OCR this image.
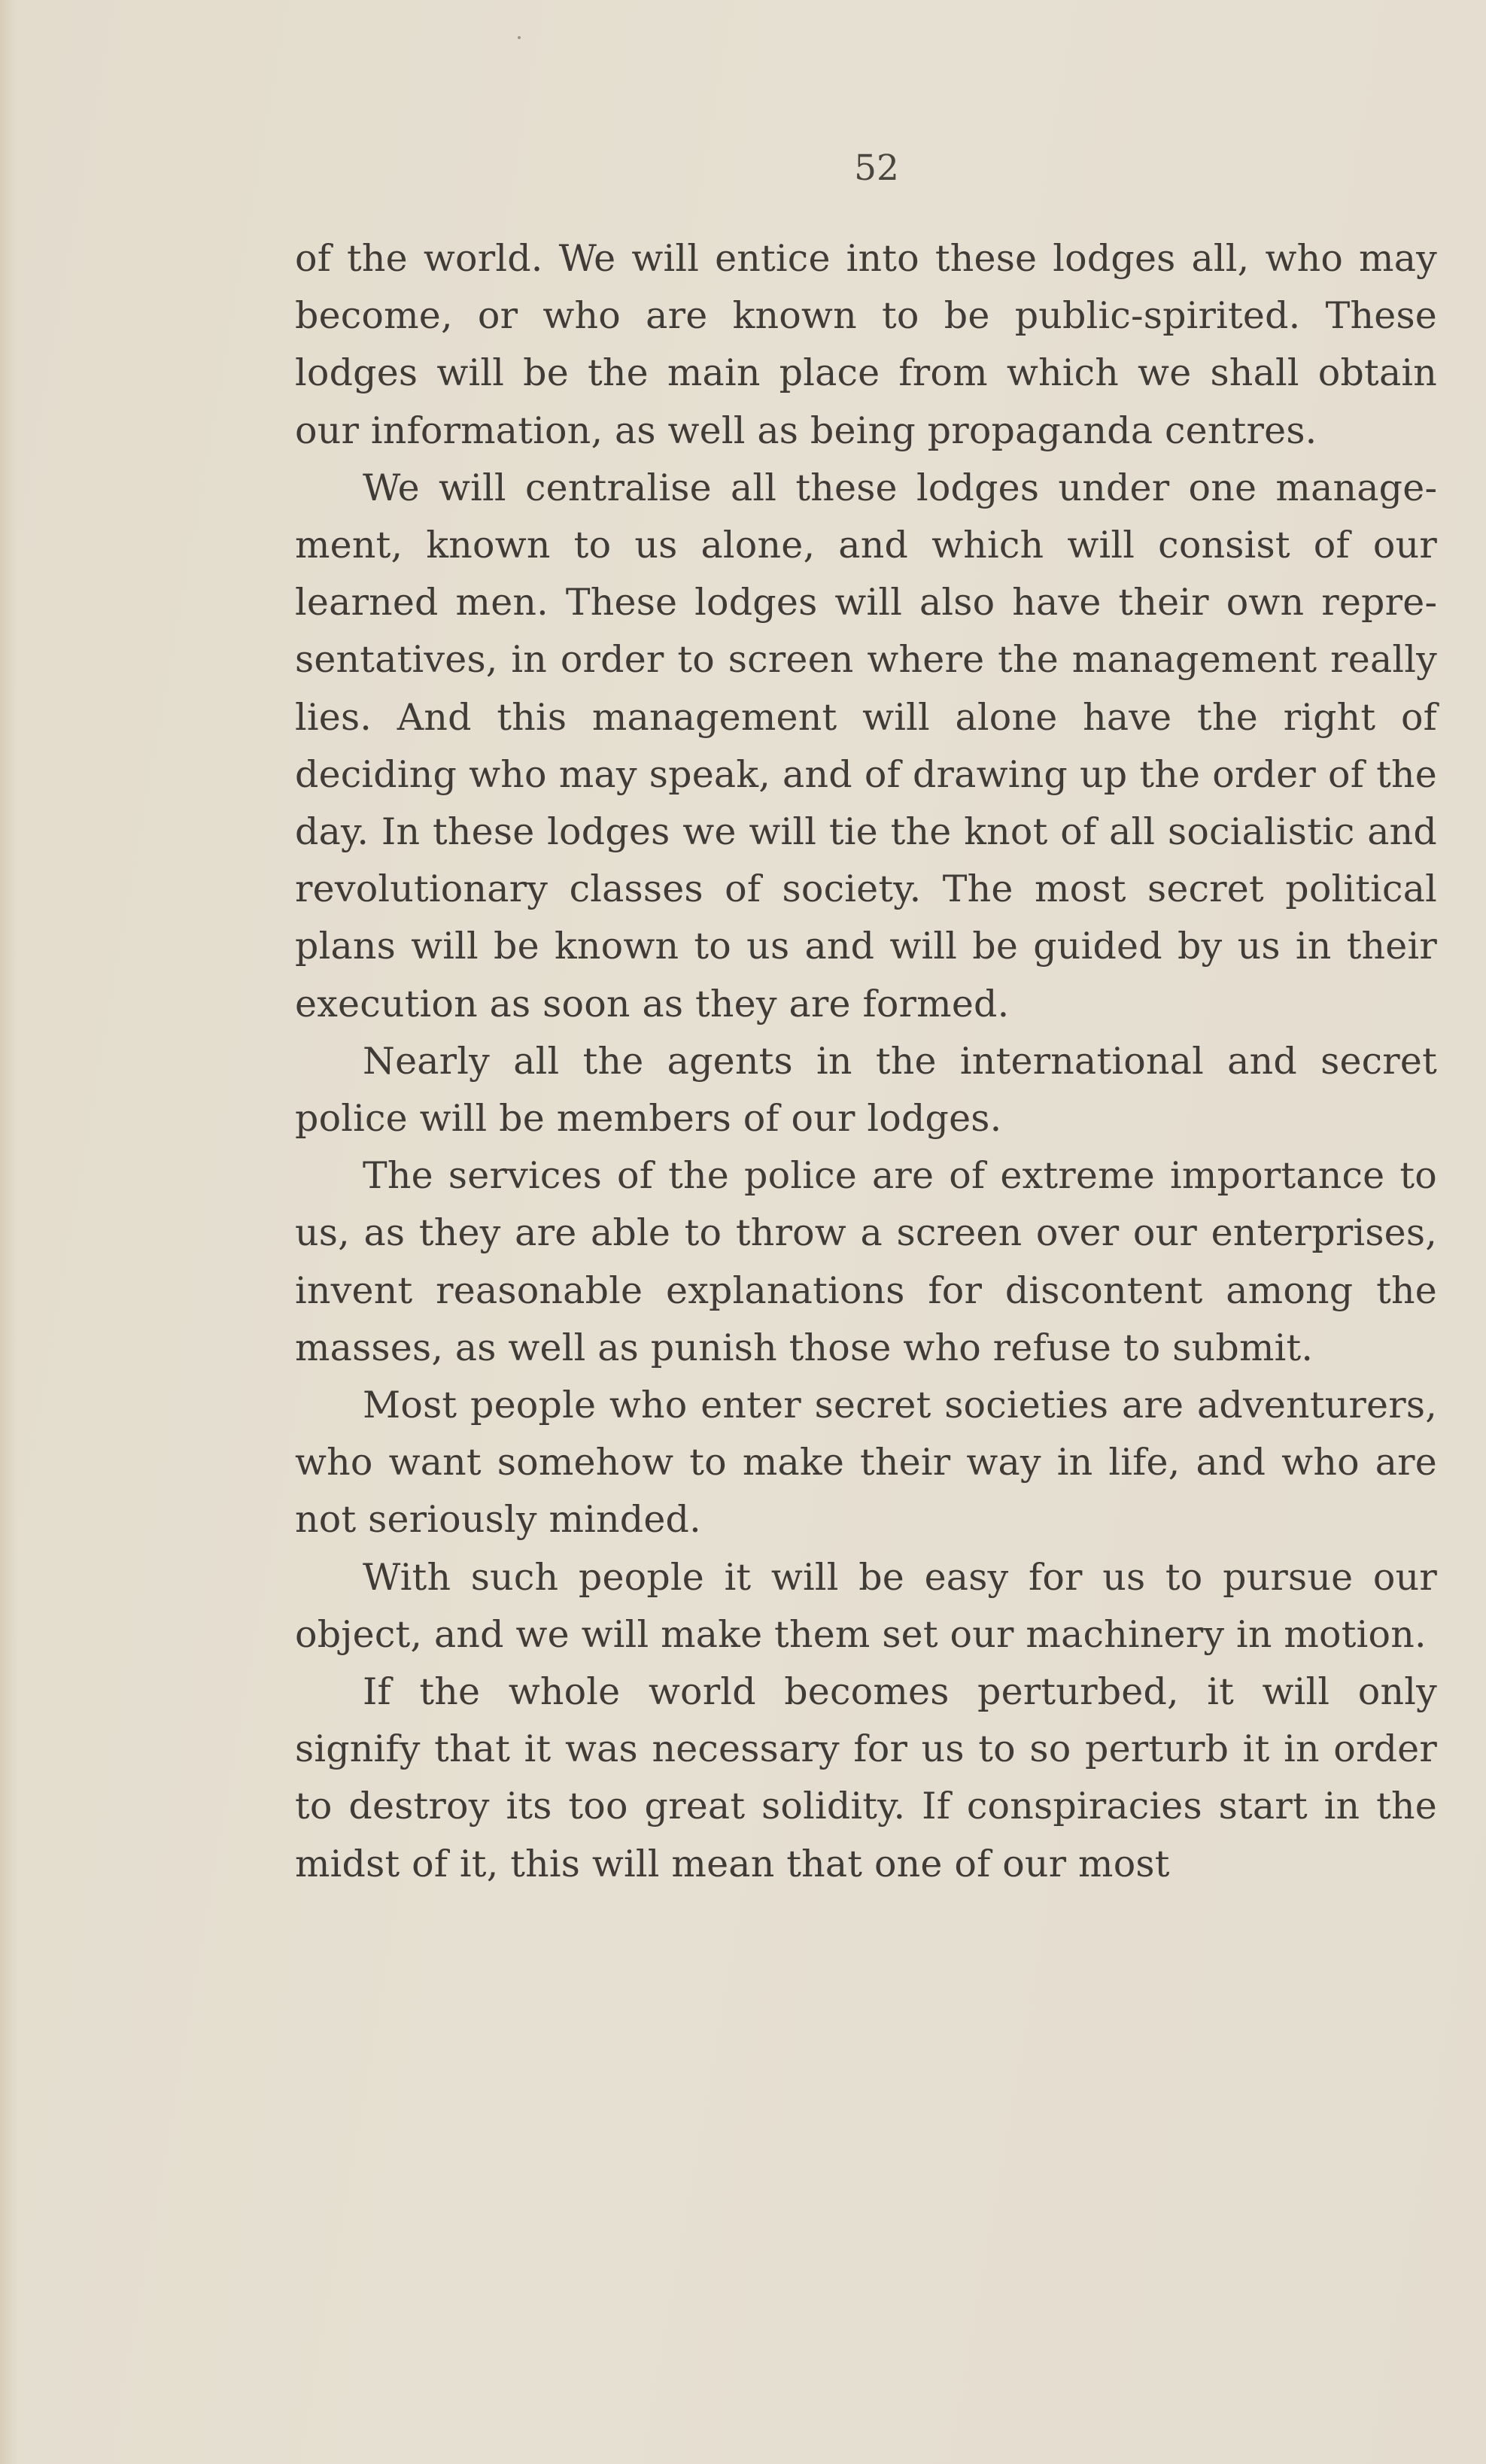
52

of the world. We will entice into these lodges all, who may become, or who are known to be public-spirited. These lodges will be the main place from which we shall obtain our information, as well as being propaganda centres.

We will centralise all these lodges under one management, known to us alone, and which will consist of our learned men. These lodges will also have their own representatives, in order to screen where the management really lies. And this management will alone have the right of deciding who may speak, and of drawing up the order of the day. In these lodges we will tie the knot of all socialistic and revolutionary classes of society. The most secret political plans will be known to us and will be guided by us in their execution as soon as they are formed.

Nearly all the agents in the international and secret police will be members of our lodges.

The services of the police are of extreme importance to us, as they are able to throw a screen over our enterprises, invent reasonable explanations for discontent among the masses, as well as punish those who refuse to submit.

Most people who enter secret societies are adventurers, who want somehow to make their way in life, and who are not seriously minded.

With such people it will be easy for us to pursue our object, and we will make them set our machinery in motion.

If the whole world becomes perturbed, it will only signify that it was necessary for us to so perturb it in order to destroy its too great solidity. If conspiracies start in the midst of it, this will mean that one of our most
